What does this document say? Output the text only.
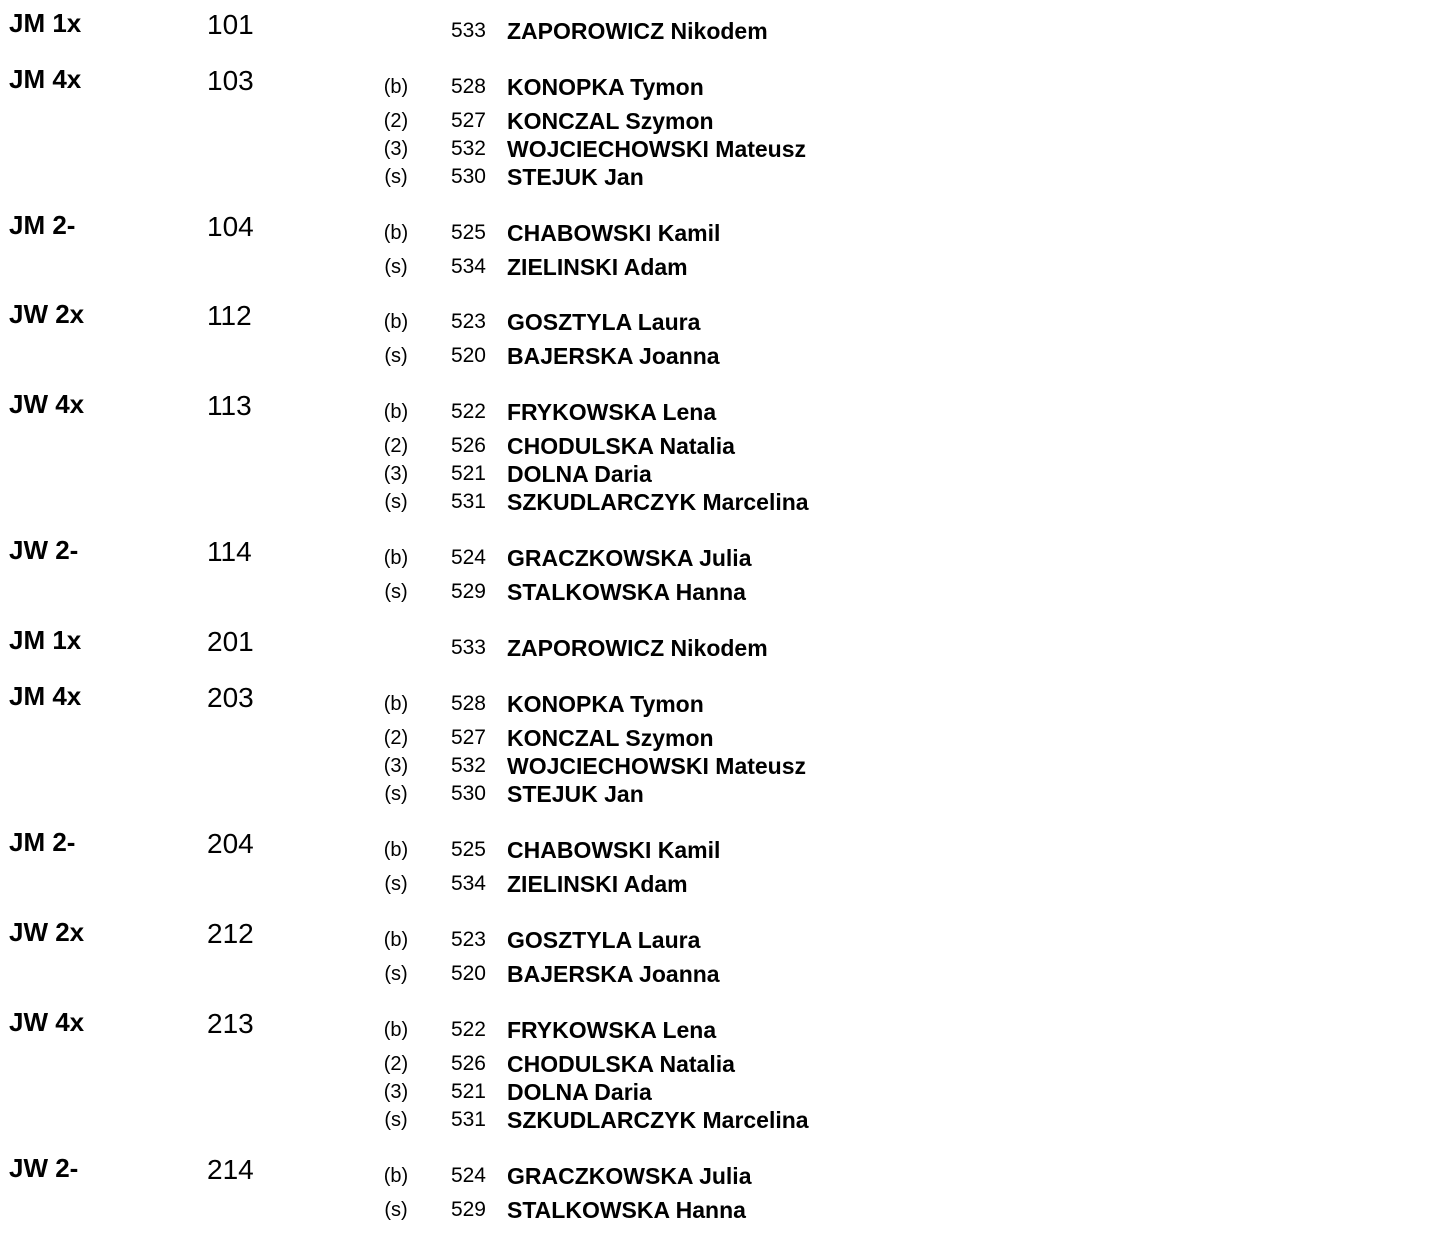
JM 1x	101	533 ZAPOROWICZ Nikodem
JM 4x	103	(b)	528 KONOPKA Tymon
(2)	527 KONCZAL Szymon
(3)	532 WOJCIECHOWSKI Mateusz
(s)	530 STEJUK Jan
JM 2-	104	(b)	525 CHABOWSKI Kamil
(s)	534 ZIELINSKI Adam
JW 2x	112	(b)	523 GOSZTYLA Laura
(s)	520 BAJERSKA Joanna
JW 4x	113	(b)	522 FRYKOWSKA Lena
(2)	526 CHODULSKA Natalia
(3)	521 DOLNA Daria
(s)	531 SZKUDLARCZYK Marcelina
JW 2-	114	(b)	524 GRACZKOWSKA Julia
(s)	529 STALKOWSKA Hanna
JM 1x	201	533 ZAPOROWICZ Nikodem
JM 4x	203	(b)	528 KONOPKA Tymon
(2)	527 KONCZAL Szymon
(3)	532 WOJCIECHOWSKI Mateusz
(s)	530 STEJUK Jan
JM 2-	204	(b)	525 CHABOWSKI Kamil
(s)	534 ZIELINSKI Adam
JW 2x	212	(b)	523 GOSZTYLA Laura
(s)	520 BAJERSKA Joanna
JW 4x	213	(b)	522 FRYKOWSKA Lena
(2)	526 CHODULSKA Natalia
(3)	521 DOLNA Daria
(s)	531 SZKUDLARCZYK Marcelina
JW 2-	214	(b)	524 GRACZKOWSKA Julia
(s)	529 STALKOWSKA Hanna
